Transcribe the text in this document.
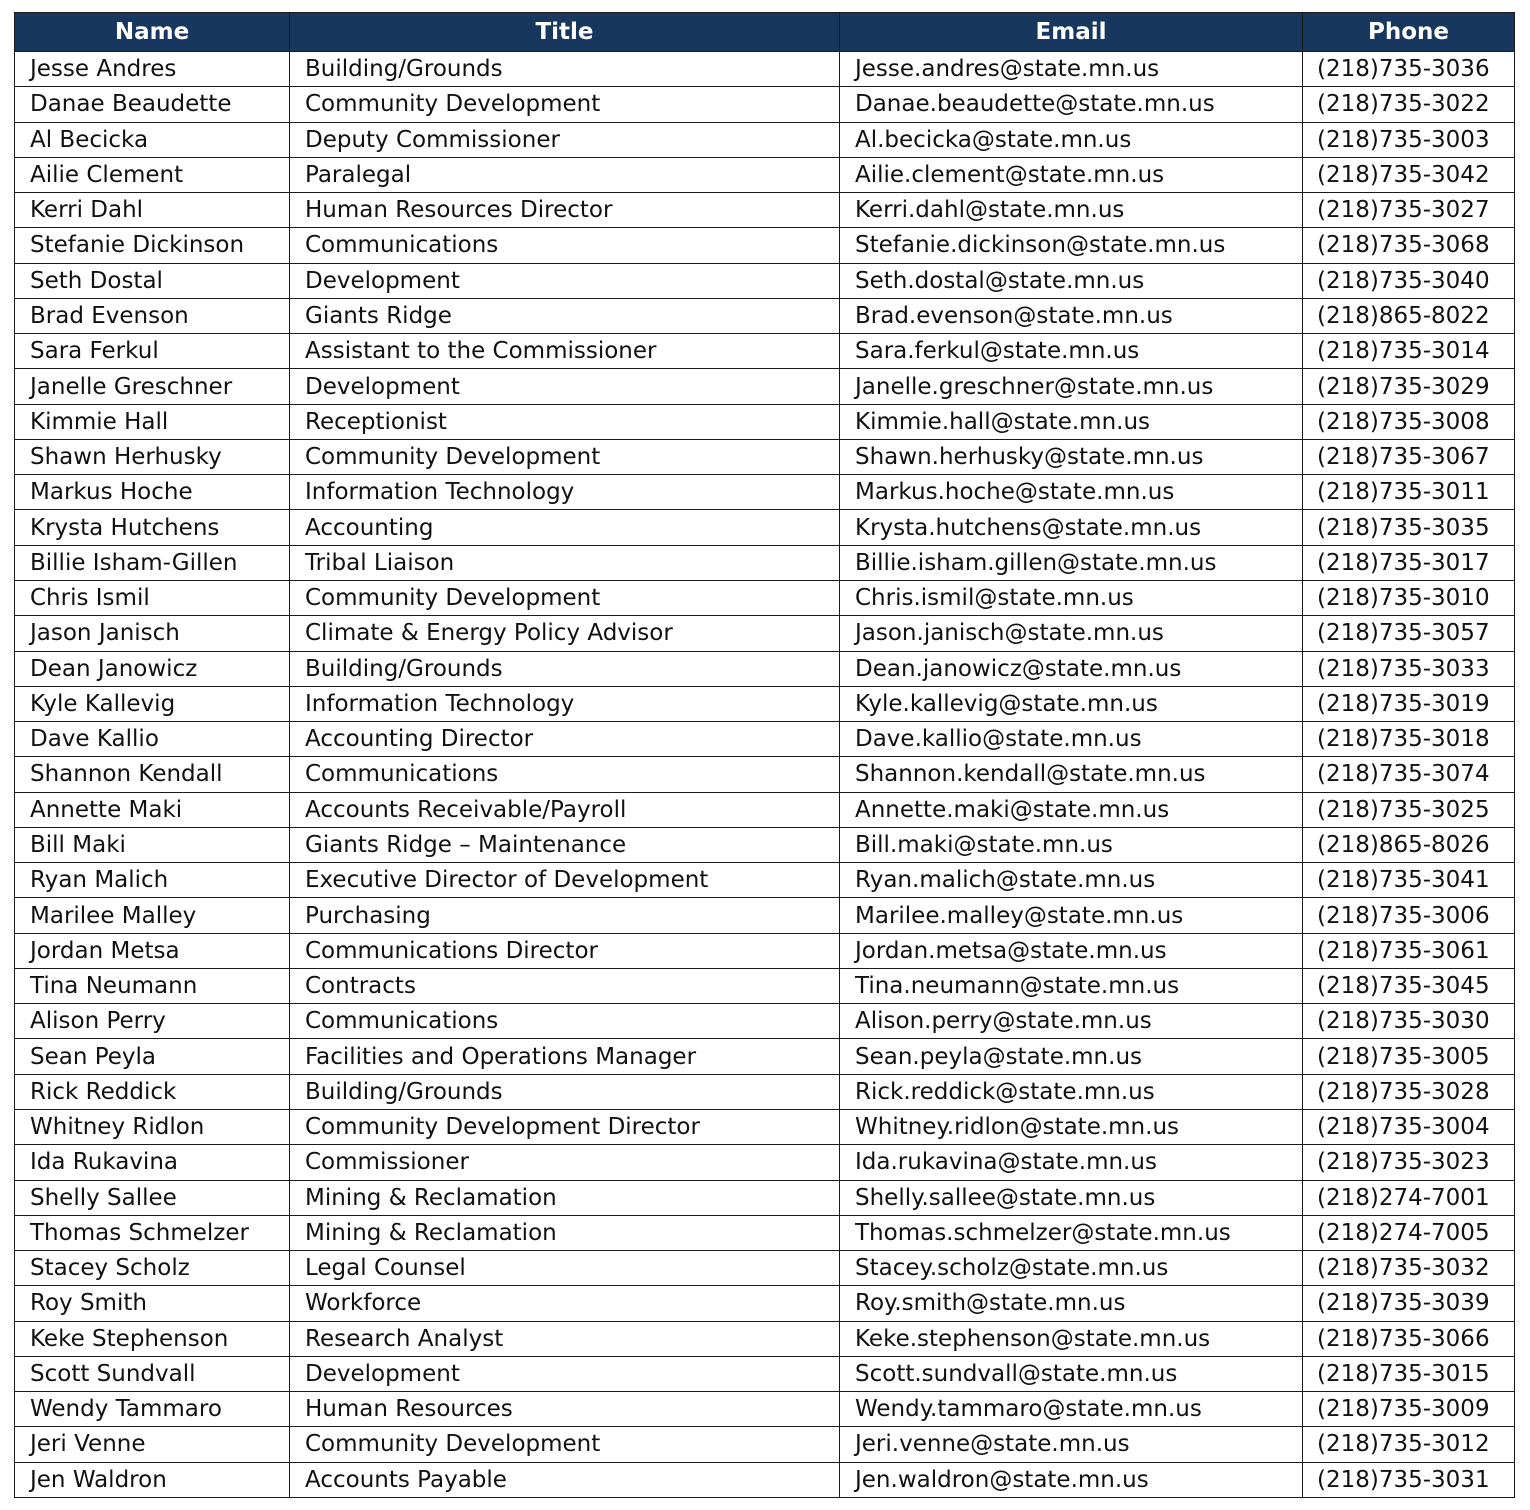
Name	Title	Email	Phone
Jesse Andres	Building/Grounds	Jesse.andres@state.mn.us	(218)735-3036
Danae Beaudette	Community Development	Danae.beaudette@state.mn.us	(218)735-3022
Al Becicka	Deputy Commissioner	Al.becicka@state.mn.us	(218)735-3003
Ailie Clement	Paralegal	Ailie.clement@state.mn.us	(218)735-3042
Kerri Dahl	Human Resources Director	Kerri.dahl@state.mn.us	(218)735-3027
Stefanie Dickinson	Communications	Stefanie.dickinson@state.mn.us	(218)735-3068
Seth Dostal	Development	Seth.dostal@state.mn.us	(218)735-3040
Brad Evenson	Giants Ridge	Brad.evenson@state.mn.us	(218)865-8022
Sara Ferkul	Assistant to the Commissioner	Sara.ferkul@state.mn.us	(218)735-3014
Janelle Greschner	Development	Janelle.greschner@state.mn.us	(218)735-3029
Kimmie Hall	Receptionist	Kimmie.hall@state.mn.us	(218)735-3008
Shawn Herhusky	Community Development	Shawn.herhusky@state.mn.us	(218)735-3067
Markus Hoche	Information Technology	Markus.hoche@state.mn.us	(218)735-3011
Krysta Hutchens	Accounting	Krysta.hutchens@state.mn.us	(218)735-3035
Billie Isham-Gillen	Tribal Liaison	Billie.isham.gillen@state.mn.us	(218)735-3017
Chris Ismil	Community Development	Chris.ismil@state.mn.us	(218)735-3010
Jason Janisch	Climate & Energy Policy Advisor	Jason.janisch@state.mn.us	(218)735-3057
Dean Janowicz	Building/Grounds	Dean.janowicz@state.mn.us	(218)735-3033
Kyle Kallevig	Information Technology	Kyle.kallevig@state.mn.us	(218)735-3019
Dave Kallio	Accounting Director	Dave.kallio@state.mn.us	(218)735-3018
Shannon Kendall	Communications	Shannon.kendall@state.mn.us	(218)735-3074
Annette Maki	Accounts Receivable/Payroll	Annette.maki@state.mn.us	(218)735-3025
Bill Maki	Giants Ridge – Maintenance	Bill.maki@state.mn.us	(218)865-8026
Ryan Malich	Executive Director of Development	Ryan.malich@state.mn.us	(218)735-3041
Marilee Malley	Purchasing	Marilee.malley@state.mn.us	(218)735-3006
Jordan Metsa	Communications Director	Jordan.metsa@state.mn.us	(218)735-3061
Tina Neumann	Contracts	Tina.neumann@state.mn.us	(218)735-3045
Alison Perry	Communications	Alison.perry@state.mn.us	(218)735-3030
Sean Peyla	Facilities and Operations Manager	Sean.peyla@state.mn.us	(218)735-3005
Rick Reddick	Building/Grounds	Rick.reddick@state.mn.us	(218)735-3028
Whitney Ridlon	Community Development Director	Whitney.ridlon@state.mn.us	(218)735-3004
Ida Rukavina	Commissioner	Ida.rukavina@state.mn.us	(218)735-3023
Shelly Sallee	Mining & Reclamation	Shelly.sallee@state.mn.us	(218)274-7001
Thomas Schmelzer	Mining & Reclamation	Thomas.schmelzer@state.mn.us	(218)274-7005
Stacey Scholz	Legal Counsel	Stacey.scholz@state.mn.us	(218)735-3032
Roy Smith	Workforce	Roy.smith@state.mn.us	(218)735-3039
Keke Stephenson	Research Analyst	Keke.stephenson@state.mn.us	(218)735-3066
Scott Sundvall	Development	Scott.sundvall@state.mn.us	(218)735-3015
Wendy Tammaro	Human Resources	Wendy.tammaro@state.mn.us	(218)735-3009
Jeri Venne	Community Development	Jeri.venne@state.mn.us	(218)735-3012
Jen Waldron	Accounts Payable	Jen.waldron@state.mn.us	(218)735-3031
